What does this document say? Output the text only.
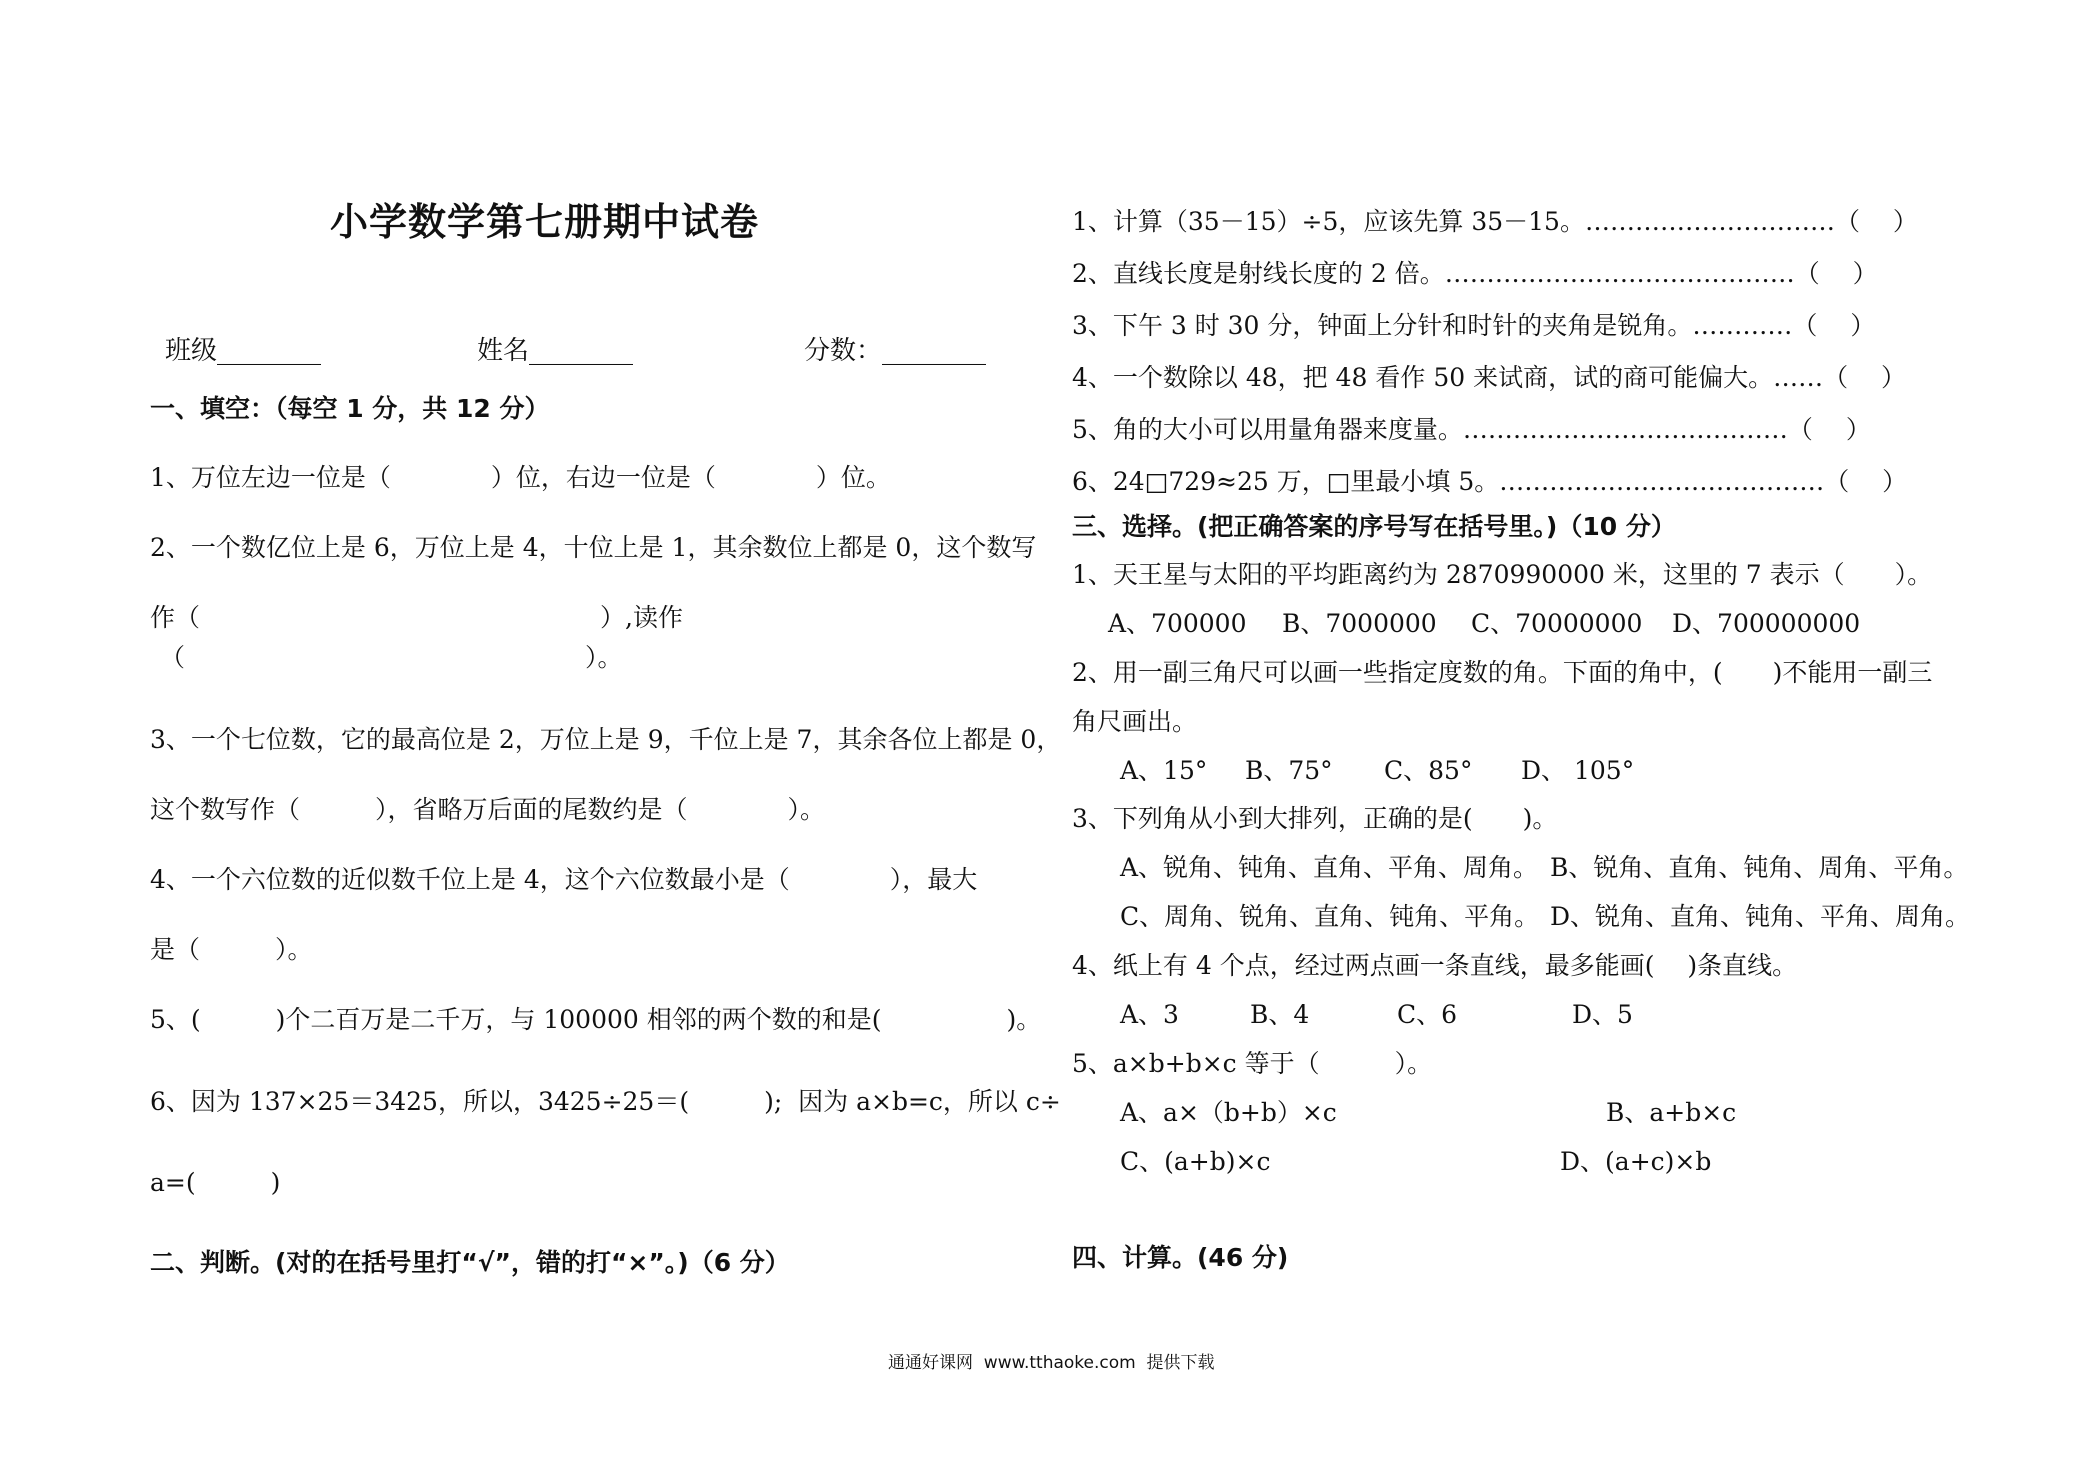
小学数学第七册期中试卷
班级________	姓名________	分数：________
一、填空：（每空 1 分，共 12 分）
1、万位左边一位是（　　　　）位，右边一位是（　　　　）位。
2、一个数亿位上是 6，万位上是 4，十位上是 1，其余数位上都是 0，这个数写
作（　　　　　　　　　　　　　　　　）,读作
（　　　　　　　　　　　　　　　　）。
3、一个七位数，它的最高位是 2，万位上是 9，千位上是 7，其余各位上都是 0，
这个数写作（　　　），省略万后面的尾数约是（　　　　）。
4、一个六位数的近似数千位上是 4，这个六位数最小是（　　　　），最大
是（　　　）。
5、(　　　)个二百万是二千万，与 100000 相邻的两个数的和是(　　　　　)。
6、因为 137×25＝3425，所以，3425÷25＝(　　　);  因为 a×b=c，所以 c÷
a=(　　　)
二、判断。(对的在括号里打“√”，错的打“×”。)（6 分）
1、计算（35－15）÷5，应该先算 35－15。…………………………（　 ）
2、直线长度是射线长度的 2 倍。……………………………………（　 ）
3、下午 3 时 30 分，钟面上分针和时针的夹角是锐角。…………（　 ）
4、一个数除以 48，把 48 看作 50 来试商，试的商可能偏大。……（　 ）
5、角的大小可以用量角器来度量。…………………………………（　 ）
6、24□729≈25 万，□里最小填 5。…………………………………（　 ）
三、选择。(把正确答案的序号写在括号里。)（10 分）
1、天王星与太阳的平均距离约为 2870990000 米，这里的 7 表示（　　）。
A、700000 B、7000000 C、70000000 D、700000000
2、用一副三角尺可以画一些指定度数的角。下面的角中，(　　)不能用一副三
角尺画出。
A、15° B、75° C、85° D、 105°
3、下列角从小到大排列，正确的是(　　)。
A、锐角、钝角、直角、平角、周角。 B、锐角、直角、钝角、周角、平角。
C、周角、锐角、直角、钝角、平角。 D、锐角、直角、钝角、平角、周角。
4、纸上有 4 个点，经过两点画一条直线，最多能画(　 )条直线。
A、3	B、4	C、6	D、5
5、a×b+b×c 等于（　　　）。
A、a×（b+b）×c	B、a+b×c
C、(a+b)×c	D、(a+c)×b
四、计算。(46 分)
通通好课网  www.tthaoke.com  提供下载
